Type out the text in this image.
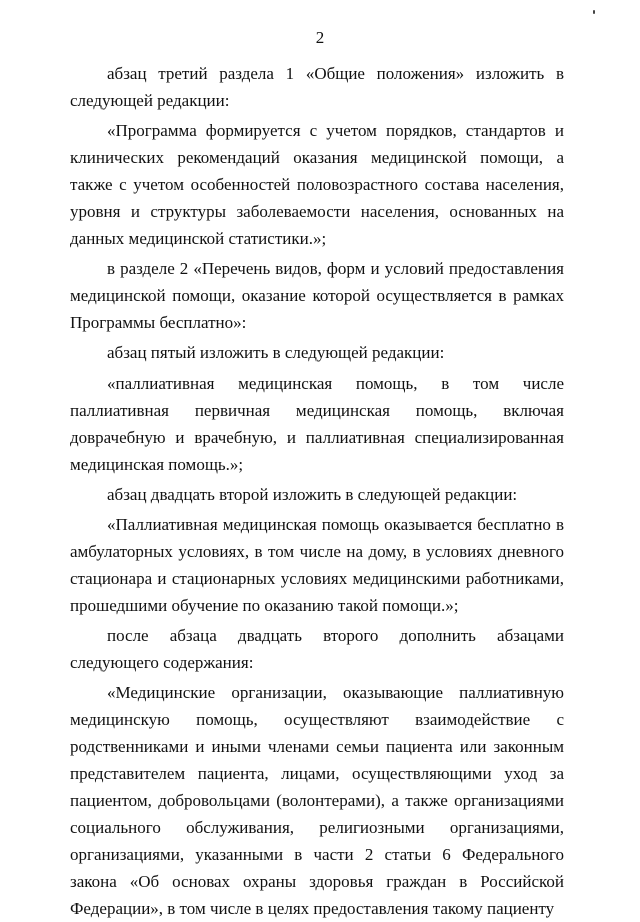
2

абзац третий раздела 1 «Общие положения» изложить в следующей редакции:

«Программа формируется с учетом порядков, стандартов и клинических рекомендаций оказания медицинской помощи, а также с учетом особенностей половозрастного состава населения, уровня и структуры заболеваемости населения, основанных на данных медицинской статистики.»;

в разделе 2 «Перечень видов, форм и условий предоставления медицинской помощи, оказание которой осуществляется в рамках Программы бесплатно»:

абзац пятый изложить в следующей редакции:

«паллиативная медицинская помощь, в том числе паллиативная первичная медицинская помощь, включая доврачебную и врачебную, и паллиативная специализированная медицинская помощь.»;

абзац двадцать второй изложить в следующей редакции:

«Паллиативная медицинская помощь оказывается бесплатно в амбулаторных условиях, в том числе на дому, в условиях дневного стационара и стационарных условиях медицинскими работниками, прошедшими обучение по оказанию такой помощи.»;

после абзаца двадцать второго дополнить абзацами следующего содержания:

«Медицинские организации, оказывающие паллиативную медицинскую помощь, осуществляют взаимодействие с родственниками и иными членами семьи пациента или законным представителем пациента, лицами, осуществляющими уход за пациентом, добровольцами (волонтерами), а также организациями социального обслуживания, религиозными организациями, организациями, указанными в части 2 статьи 6 Федерального закона «Об основах охраны здоровья граждан в Российской Федерации», в том числе в целях предоставления такому пациенту
